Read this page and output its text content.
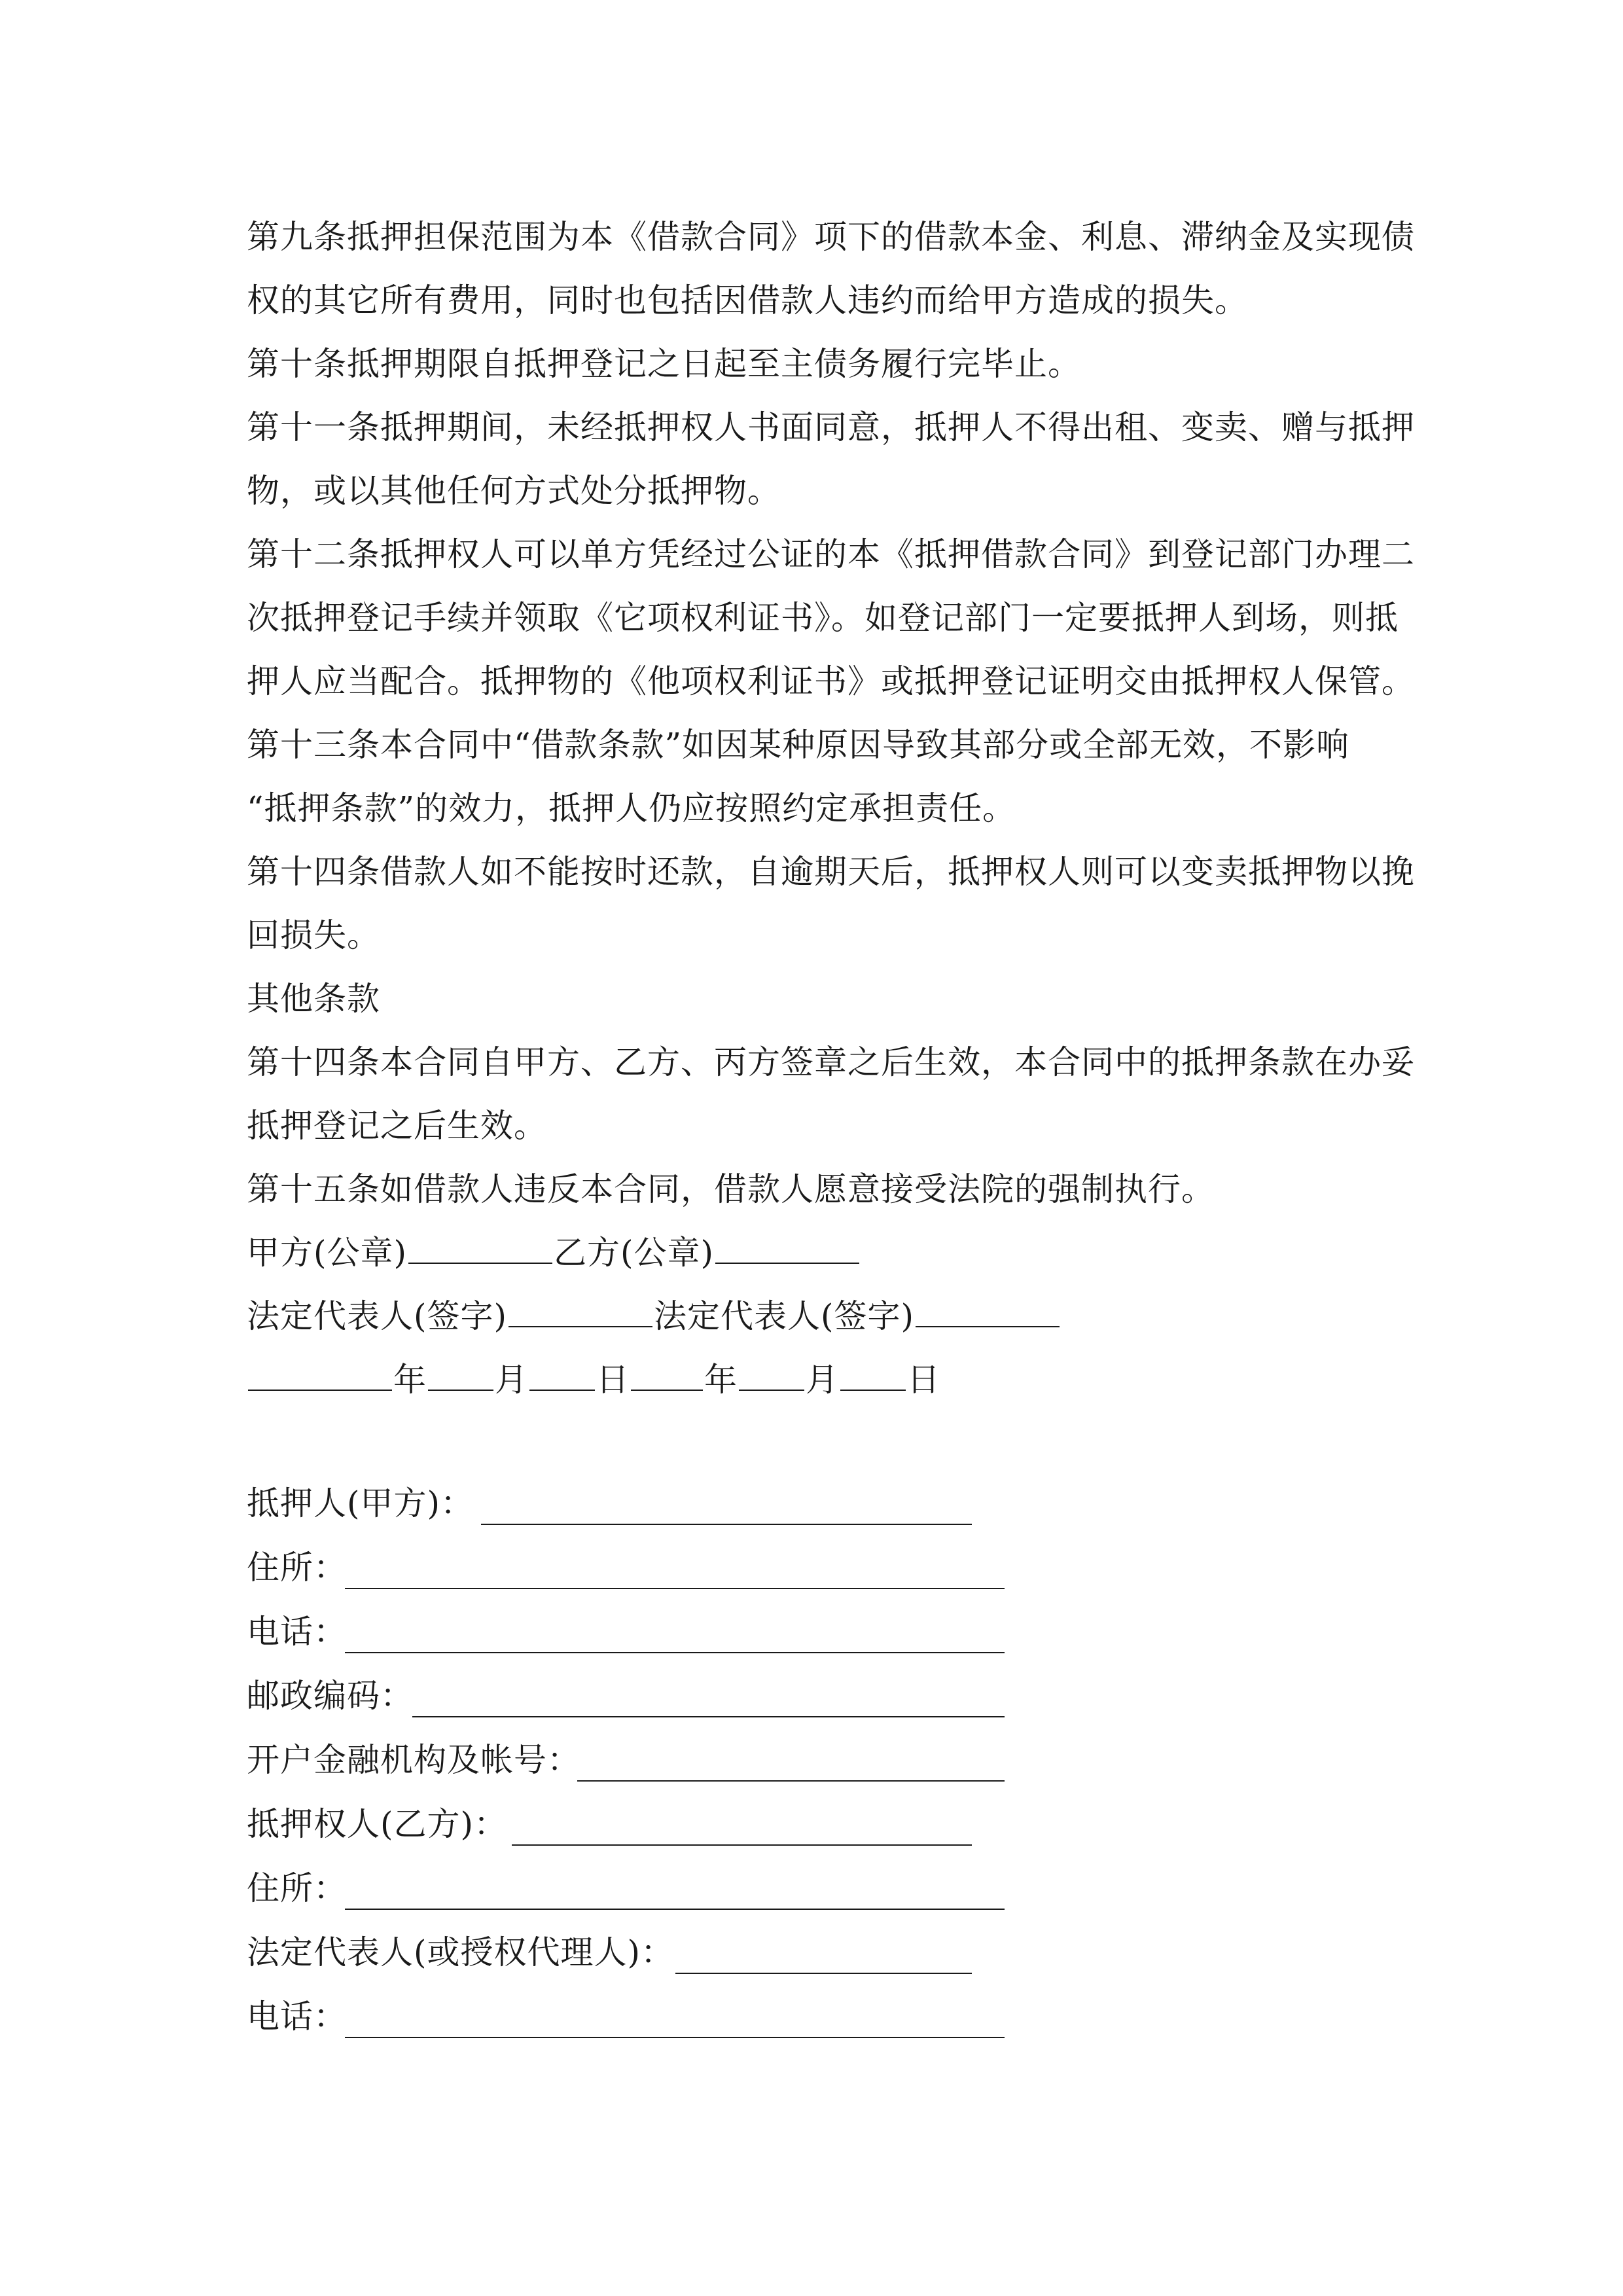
第九条抵押担保范围为本《借款合同》项下的借款本金、利息、滞纳金及实现债
权的其它所有费用，同时也包括因借款人违约而给甲方造成的损失。
第十条抵押期限自抵押登记之日起至主债务履行完毕止。
第十一条抵押期间，未经抵押权人书面同意，抵押人不得出租、变卖、赠与抵押
物，或以其他任何方式处分抵押物。
第十二条抵押权人可以单方凭经过公证的本《抵押借款合同》到登记部门办理二
次抵押登记手续并领取《它项权利证书》。如登记部门一定要抵押人到场，则抵
押人应当配合。抵押物的《他项权利证书》或抵押登记证明交由抵押权人保管。
第十三条本合同中“借款条款”如因某种原因导致其部分或全部无效，不影响
“抵押条款”的效力，抵押人仍应按照约定承担责任。
第十四条借款人如不能按时还款，自逾期天后，抵押权人则可以变卖抵押物以挽
回损失。
其他条款
第十四条本合同自甲方、乙方、丙方签章之后生效，本合同中的抵押条款在办妥
抵押登记之后生效。
第十五条如借款人违反本合同，借款人愿意接受法院的强制执行。
甲方(公章)	乙方(公章)
法定代表人(签字)	法定代表人(签字)
年 月 日 年 月 日
抵押人(甲方)：
住所：
电话：
邮政编码：
开户金融机构及帐号：
抵押权人(乙方)：
住所：
法定代表人(或授权代理人)：
电话：
